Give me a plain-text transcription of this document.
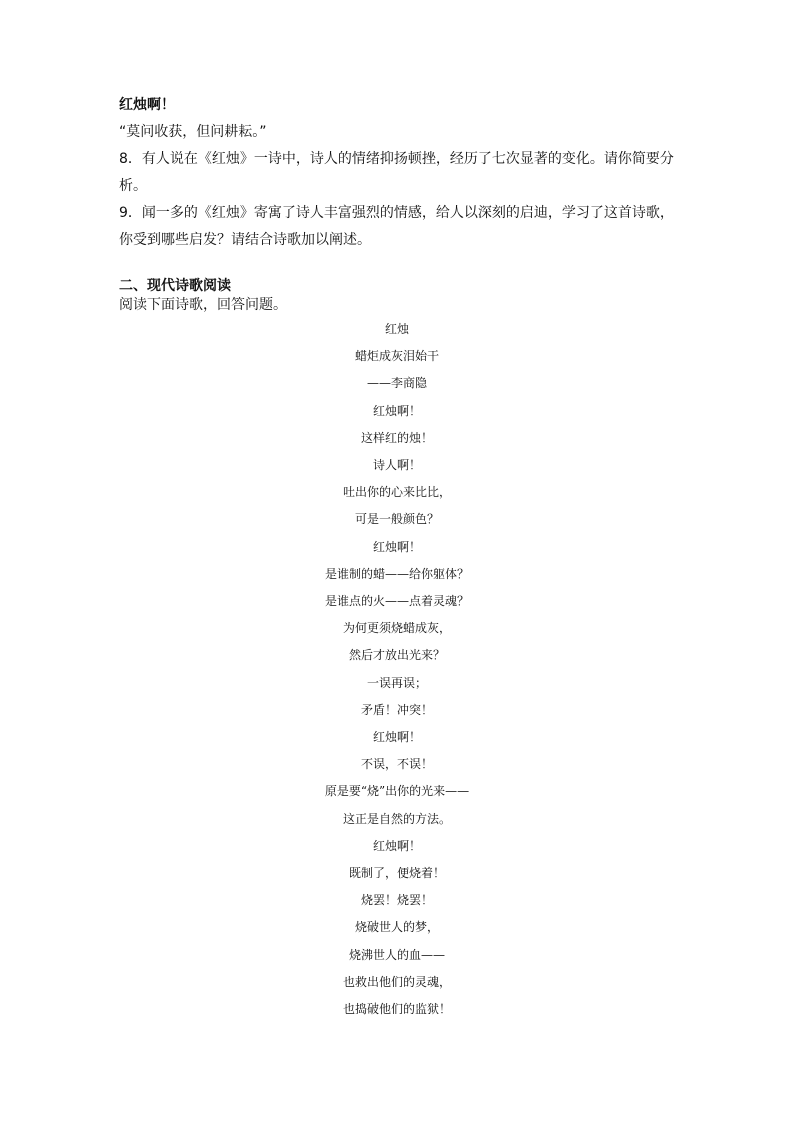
红烛啊！

“莫问收获，但问耕耘。”

8．有人说在《红烛》一诗中，诗人的情绪抑扬顿挫，经历了七次显著的变化。请你简要分析。

9．闻一多的《红烛》寄寓了诗人丰富强烈的情感，给人以深刻的启迪，学习了这首诗歌，你受到哪些启发？请结合诗歌加以阐述。

二、现代诗歌阅读

阅读下面诗歌，回答问题。

红烛
蜡炬成灰泪始干
——李商隐
红烛啊！
这样红的烛！
诗人啊！
吐出你的心来比比，
可是一般颜色？
红烛啊！
是谁制的蜡——给你躯体？
是谁点的火——点着灵魂？
为何更须烧蜡成灰，
然后才放出光来？
一误再误；
矛盾！冲突！
红烛啊！
不误，不误！
原是要“烧”出你的光来——
这正是自然的方法。
红烛啊！
既制了，便烧着！
烧罢！烧罢！
烧破世人的梦，
烧沸世人的血——
也救出他们的灵魂，
也捣破他们的监狱！
